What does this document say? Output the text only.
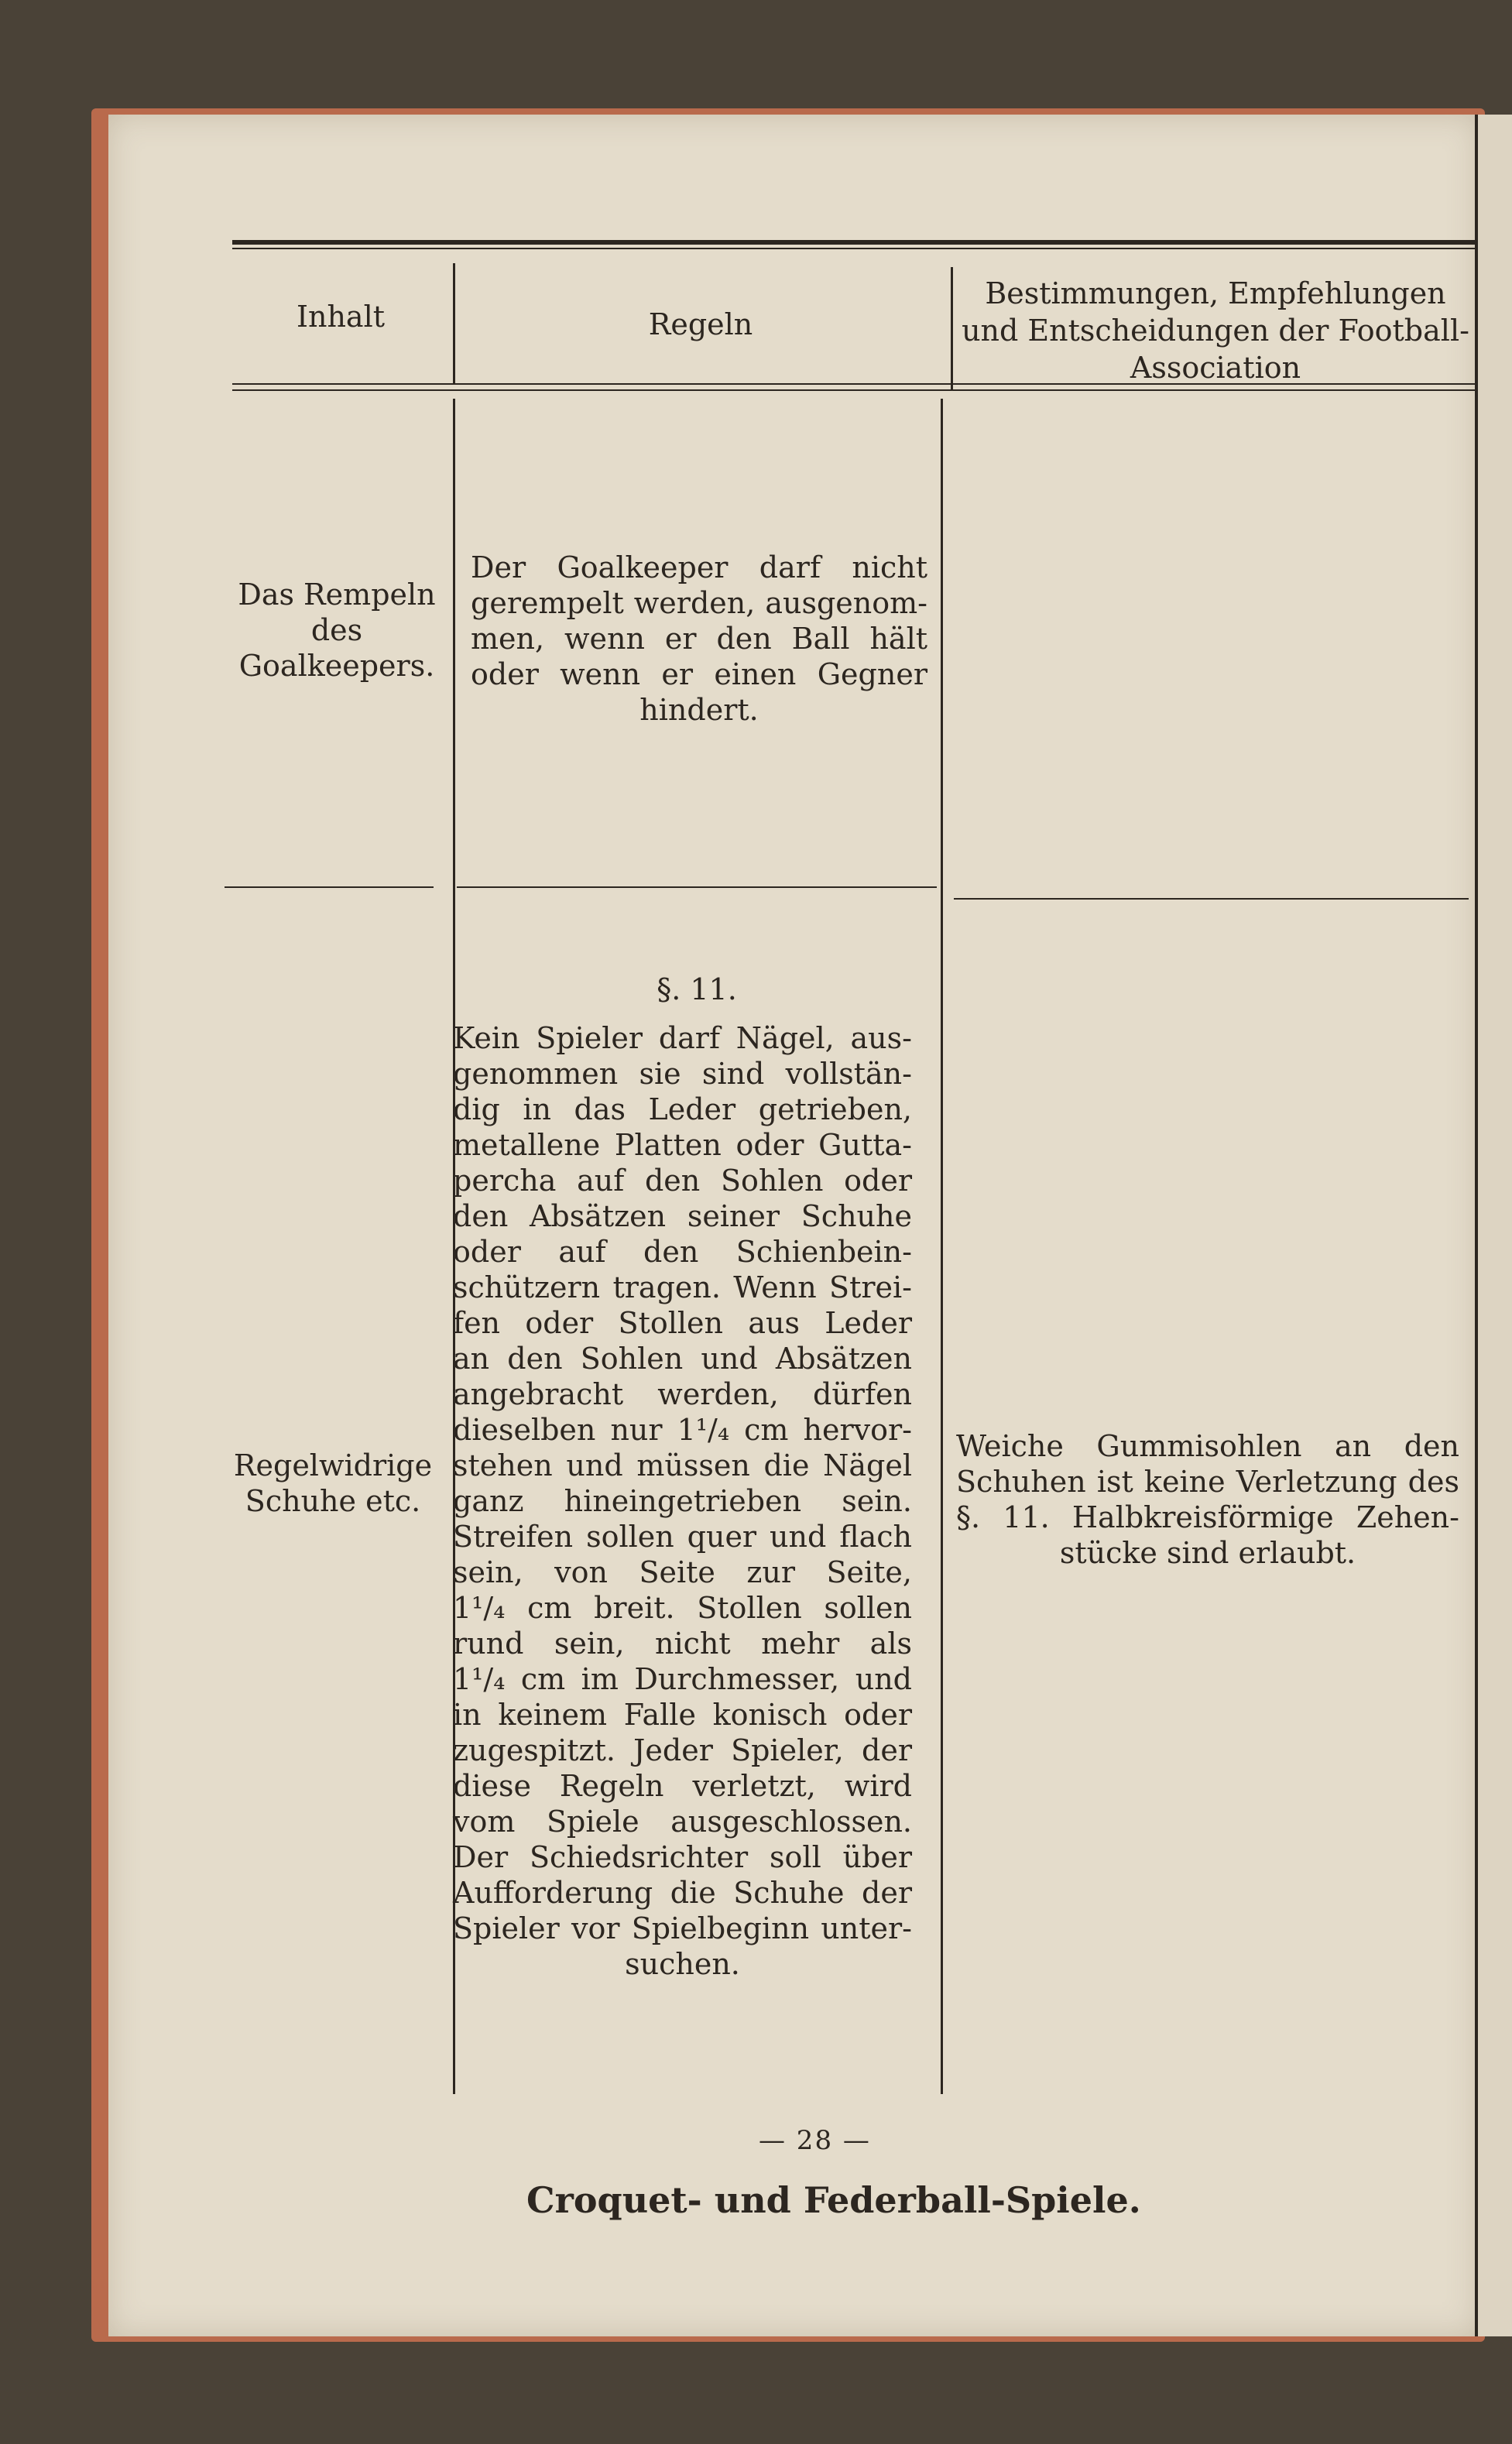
Inhalt	Regeln
Bestimmungen, Empfehlungen
und Entscheidungen der Football-
Association
Das Rempeln
des
Goalkeepers.
Der Goalkeeper darf nicht
gerempelt werden, ausgenom-
men, wenn er den Ball hält
oder wenn er einen Gegner
hindert.
§. 11.
Regelwidrige
Schuhe etc.
Kein Spieler darf Nägel, aus-
genommen sie sind vollstän-
dig in das Leder getrieben,
metallene Platten oder Gutta-
percha auf den Sohlen oder
den Absätzen seiner Schuhe
oder auf den Schienbein-
schützern tragen. Wenn Strei-
fen oder Stollen aus Leder
an den Sohlen und Absätzen
angebracht werden, dürfen
dieselben nur 1¹/₄ cm hervor-
stehen und müssen die Nägel
ganz hineingetrieben sein.
Streifen sollen quer und flach
sein, von Seite zur Seite,
1¹/₄ cm breit. Stollen sollen
rund sein, nicht mehr als
1¹/₄ cm im Durchmesser, und
in keinem Falle konisch oder
zugespitzt. Jeder Spieler, der
diese Regeln verletzt, wird
vom Spiele ausgeschlossen.
Der Schiedsrichter soll über
Aufforderung die Schuhe der
Spieler vor Spielbeginn unter-
suchen.
Weiche Gummisohlen an den
Schuhen ist keine Verletzung des
§. 11. Halbkreisförmige Zehen-
stücke sind erlaubt.
— 28 —
Croquet- und Federball-Spiele.
